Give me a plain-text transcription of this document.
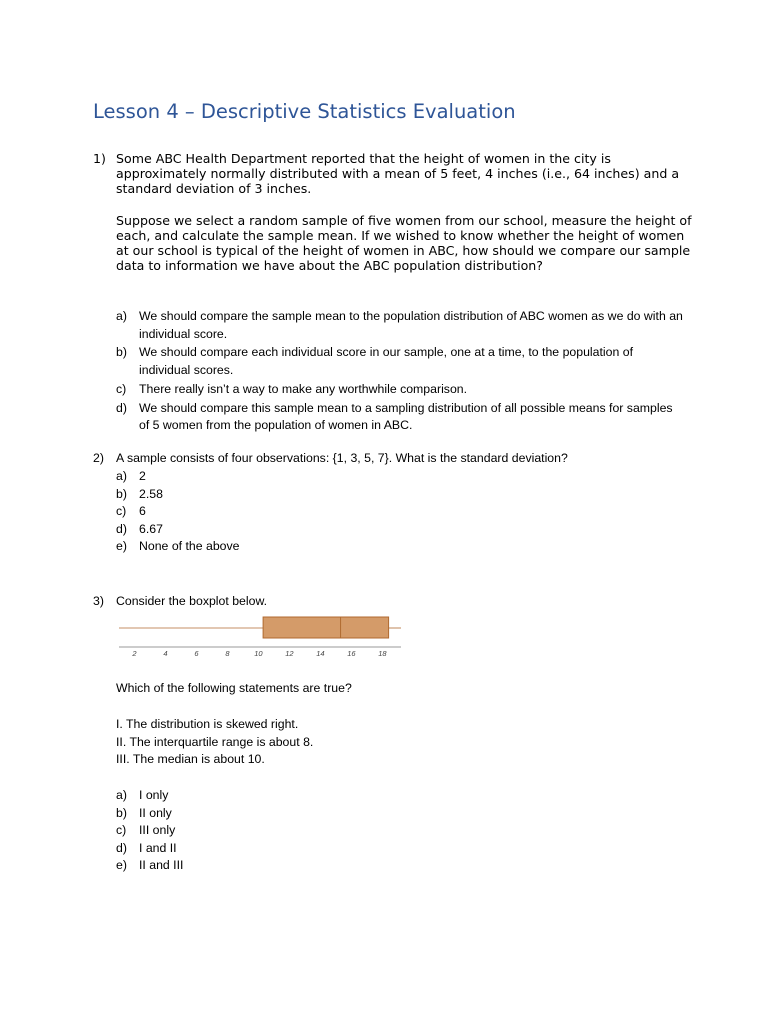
Lesson 4 – Descriptive Statistics Evaluation
1) Some ABC Health Department reported that the height of women in the city is approximately normally distributed with a mean of 5 feet, 4 inches (i.e., 64 inches) and a standard deviation of 3 inches.

Suppose we select a random sample of five women from our school, measure the height of each, and calculate the sample mean. If we wished to know whether the height of women at our school is typical of the height of women in ABC, how should we compare our sample data to information we have about the ABC population distribution?

a) We should compare the sample mean to the population distribution of ABC women as we do with an individual score.
b) We should compare each individual score in our sample, one at a time, to the population of individual scores.
c)	There really isn’t a way to make any worthwhile comparison.
d) We should compare this sample mean to a sampling distribution of all possible means for samples of 5 women from the population of women in ABC.
2) A sample consists of four observations: {1, 3, 5, 7}. What is the standard deviation?
a) 2
b) 2.58
c)	6
d) 6.67
e) None of the above
3) Consider the boxplot below.
2	4	6	8	10	12	14	16	18
Which of the following statements are true?
I. The distribution is skewed right.
II. The interquartile range is about 8.
III. The median is about 10.
a) I only
b) II only
c)	III only
d) I and II
e) II and III
